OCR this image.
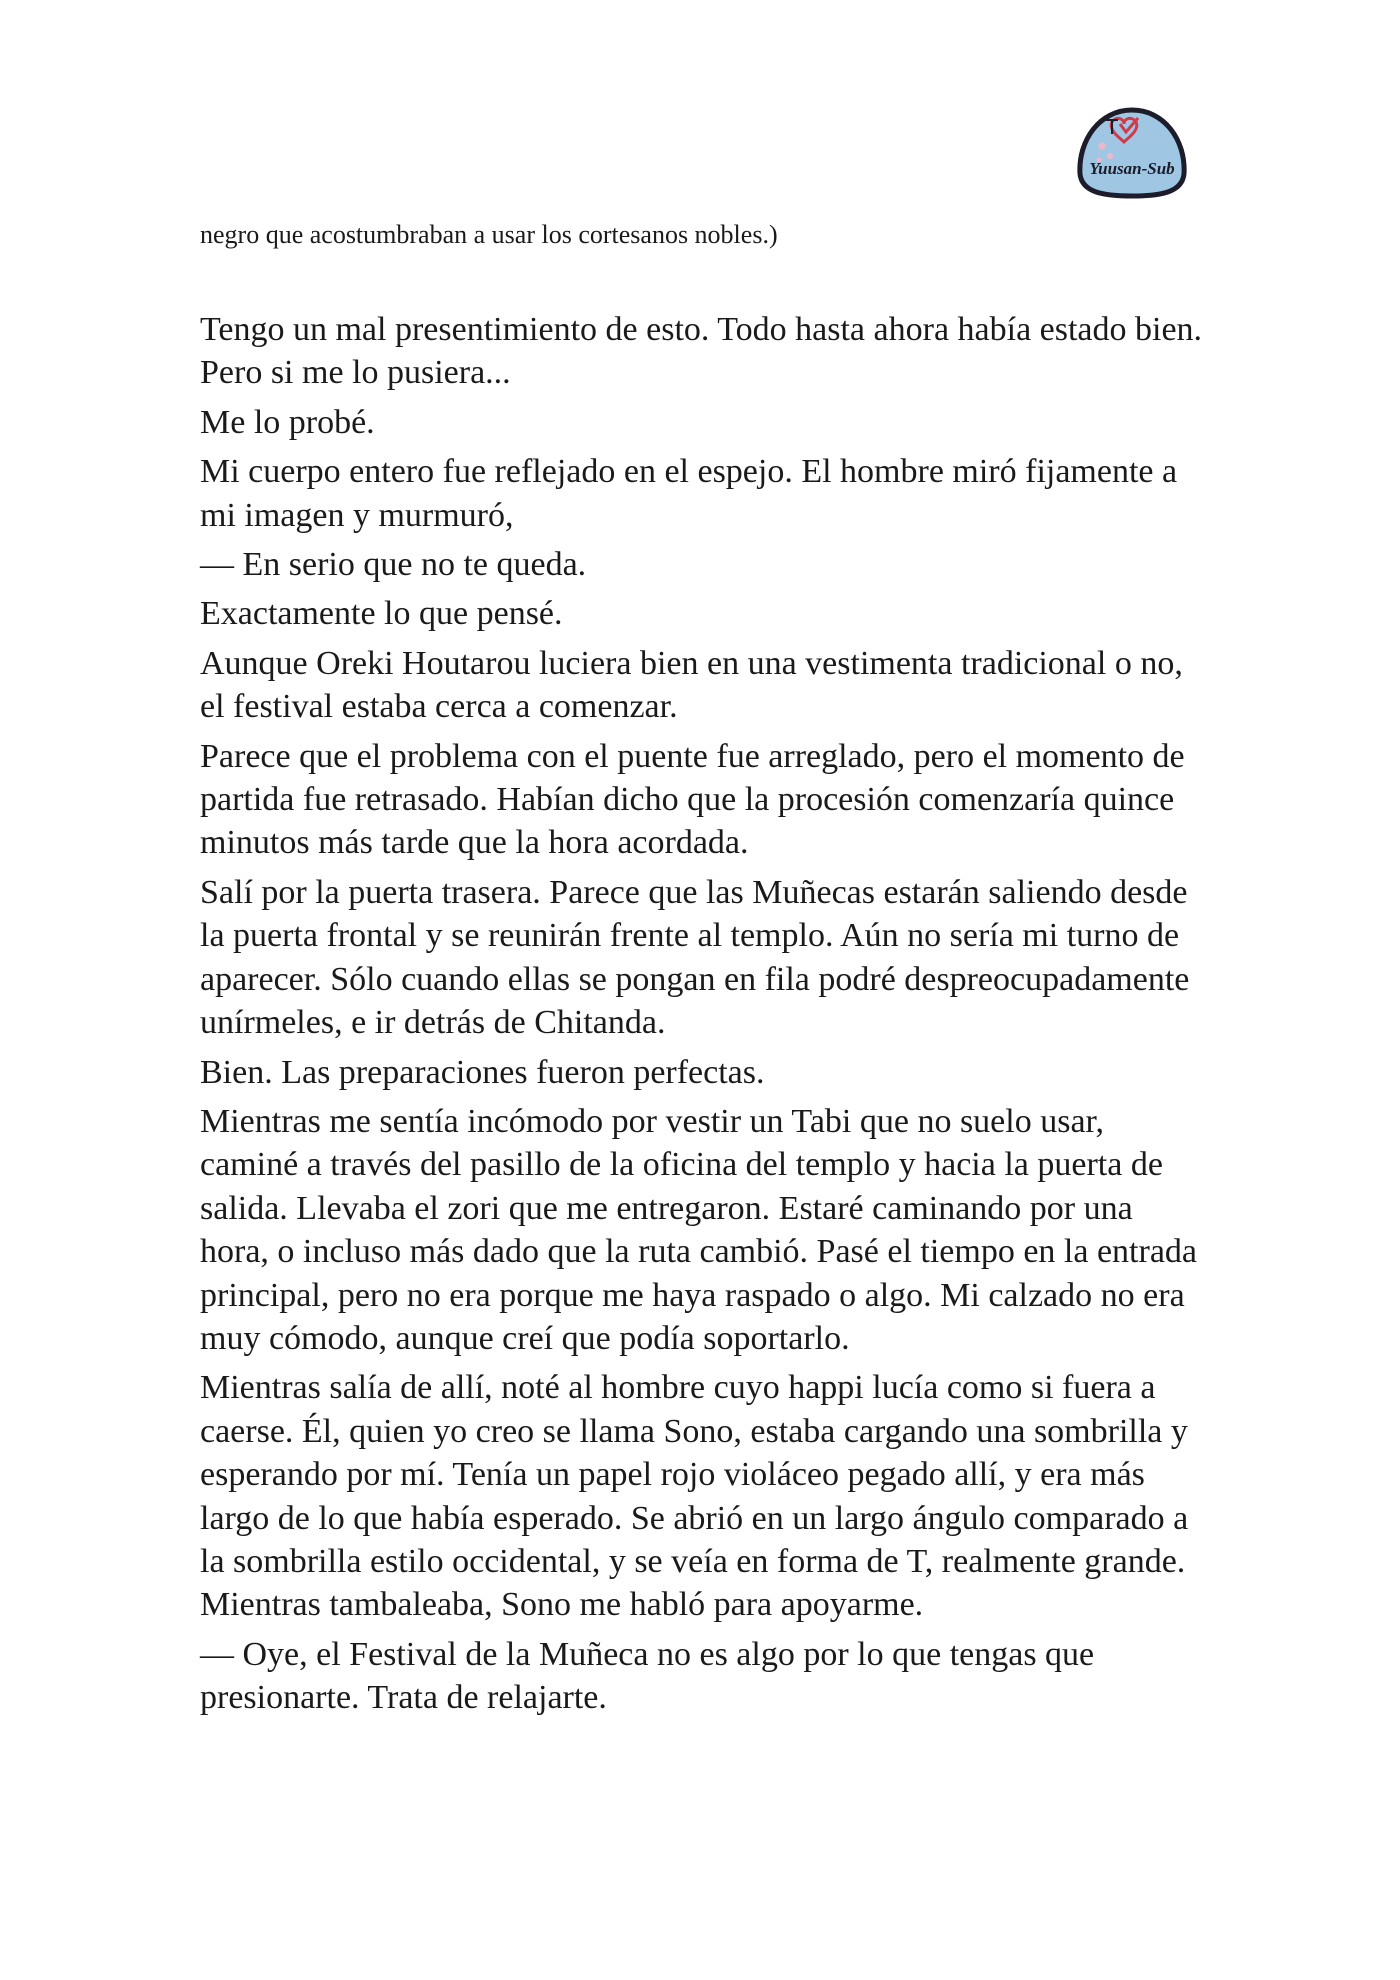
Yuusan-Sub

negro que acostumbraban a usar los cortesanos nobles.)

Tengo un mal presentimiento de esto. Todo hasta ahora había estado bien. Pero si me lo pusiera...

Me lo probé.

Mi cuerpo entero fue reflejado en el espejo. El hombre miró fijamente a mi imagen y murmuró,

— En serio que no te queda.

Exactamente lo que pensé.

Aunque Oreki Houtarou luciera bien en una vestimenta tradicional o no, el festival estaba cerca a comenzar.

Parece que el problema con el puente fue arreglado, pero el momento de partida fue retrasado. Habían dicho que la procesión comenzaría quince minutos más tarde que la hora acordada.

Salí por la puerta trasera. Parece que las Muñecas estarán saliendo desde la puerta frontal y se reunirán frente al templo. Aún no sería mi turno de aparecer. Sólo cuando ellas se pongan en fila podré despreocupadamente unírmeles, e ir detrás de Chitanda.

Bien. Las preparaciones fueron perfectas.

Mientras me sentía incómodo por vestir un Tabi que no suelo usar, caminé a través del pasillo de la oficina del templo y hacia la puerta de salida. Llevaba el zori que me entregaron. Estaré caminando por una hora, o incluso más dado que la ruta cambió. Pasé el tiempo en la entrada principal, pero no era porque me haya raspado o algo. Mi calzado no era muy cómodo, aunque creí que podía soportarlo.

Mientras salía de allí, noté al hombre cuyo happi lucía como si fuera a caerse. Él, quien yo creo se llama Sono, estaba cargando una sombrilla y esperando por mí. Tenía un papel rojo violáceo pegado allí, y era más largo de lo que había esperado. Se abrió en un largo ángulo comparado a la sombrilla estilo occidental, y se veía en forma de T, realmente grande. Mientras tambaleaba, Sono me habló para apoyarme.

— Oye, el Festival de la Muñeca no es algo por lo que tengas que presionarte. Trata de relajarte.
